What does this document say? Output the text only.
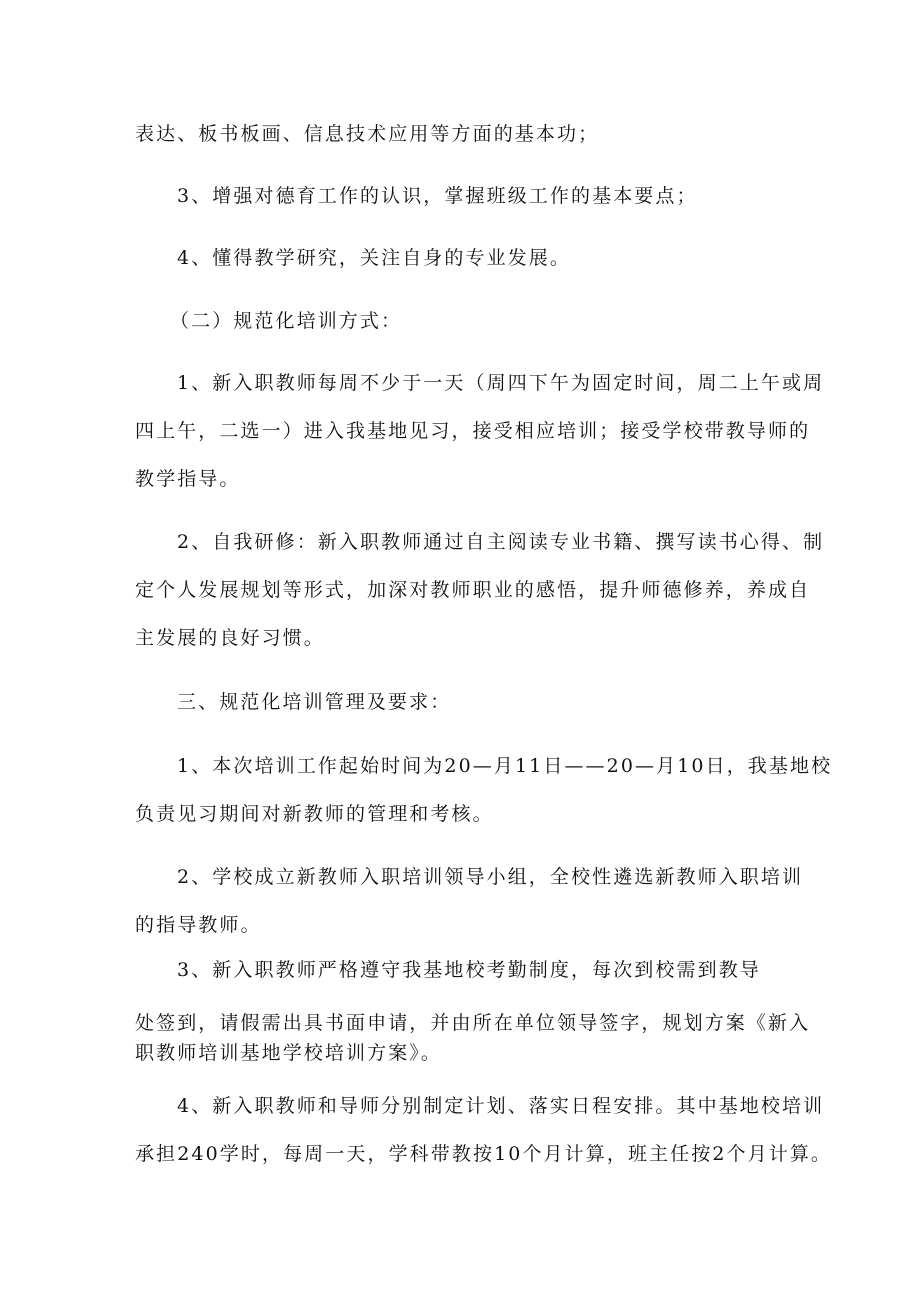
表达、板书板画、信息技术应用等方面的基本功；

3、增强对德育工作的认识，掌握班级工作的基本要点；

4、懂得教学研究，关注自身的专业发展。

（二）规范化培训方式：

1、新入职教师每周不少于一天（周四下午为固定时间，周二上午或周

四上午，二选一）进入我基地见习，接受相应培训；接受学校带教导师的

教学指导。

2、自我研修：新入职教师通过自主阅读专业书籍、撰写读书心得、制

定个人发展规划等形式，加深对教师职业的感悟，提升师德修养，养成自

主发展的良好习惯。

三、规范化培训管理及要求：

1、本次培训工作起始时间为20—月11日——20—月10日，我基地校

负责见习期间对新教师的管理和考核。

2、学校成立新教师入职培训领导小组，全校性遴选新教师入职培训

的指导教师。

3、新入职教师严格遵守我基地校考勤制度，每次到校需到教导

处签到，请假需出具书面申请，并由所在单位领导签字，规划方案《新入

职教师培训基地学校培训方案》。

4、新入职教师和导师分别制定计划、落实日程安排。其中基地校培训

承担240学时，每周一天，学科带教按10个月计算，班主任按2个月计算。
